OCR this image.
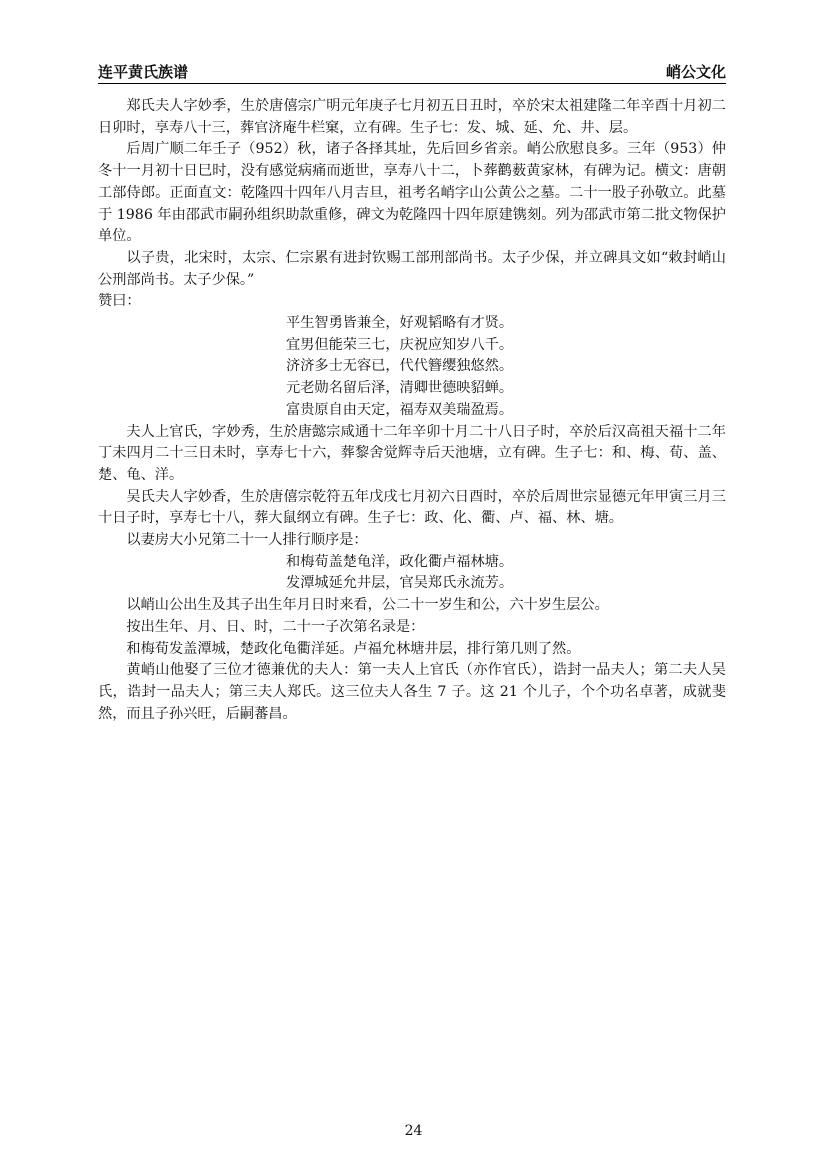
连平黄氏族谱	峭公文化

郑氏夫人字妙季，生於唐僖宗广明元年庚子七月初五日丑时，卒於宋太祖建隆二年辛酉十月初二日卯时，享寿八十三，葬官济庵牛栏窠，立有碑。生子七：发、城、延、允、井、层。

后周广顺二年壬子（952）秋，诸子各择其址，先后回乡省亲。峭公欣慰良多。三年（953）仲冬十一月初十日巳时，没有感觉病痛而逝世，享寿八十二，卜葬鹳薮黄家林，有碑为记。横文：唐朝工部侍郎。正面直文：乾隆四十四年八月吉旦，祖考名峭字山公黄公之墓。二十一股子孙敬立。此墓于 1986 年由邵武市嗣孙组织助款重修，碑文为乾隆四十四年原建镌刻。列为邵武市第二批文物保护单位。

以子贵，北宋时，太宗、仁宗累有进封钦赐工部刑部尚书。太子少保，并立碑具文如“敕封峭山公刑部尚书。太子少保。”

赞曰：

平生智勇皆兼全，好观韬略有才贤。

宜男但能荣三七，庆祝应知岁八千。

济济多士无容已，代代簪缨独悠然。

元老勋名留后泽，清卿世德映貂蝉。

富贵原自由天定，福寿双美瑞盈焉。

夫人上官氏，字妙秀，生於唐懿宗咸通十二年辛卯十月二十八日子时，卒於后汉高祖天福十二年丁未四月二十三日未时，享寿七十六，葬黎舍觉辉寺后天池塘，立有碑。生子七：和、梅、荀、盖、楚、龟、洋。

吴氏夫人字妙香，生於唐僖宗乾符五年戊戌七月初六日酉时，卒於后周世宗显德元年甲寅三月三十日子时，享寿七十八，葬大鼠纲立有碑。生子七：政、化、衢、卢、福、林、塘。

以妻房大小兄第二十一人排行顺序是：

和梅荀盖楚龟洋，政化衢卢福林塘。

发潭城延允井层，官吴郑氏永流芳。

以峭山公出生及其子出生年月日时来看，公二十一岁生和公，六十岁生层公。

按出生年、月、日、时，二十一子次第名录是：

和梅荀发盖潭城，楚政化龟衢洋延。卢福允林塘井层，排行第几则了然。

黄峭山他娶了三位才德兼优的夫人：第一夫人上官氏（亦作官氏），诰封一品夫人；第二夫人吴氏，诰封一品夫人；第三夫人郑氏。这三位夫人各生 7 子。这 21 个儿子，个个功名卓著，成就斐然，而且子孙兴旺，后嗣蕃昌。

24
